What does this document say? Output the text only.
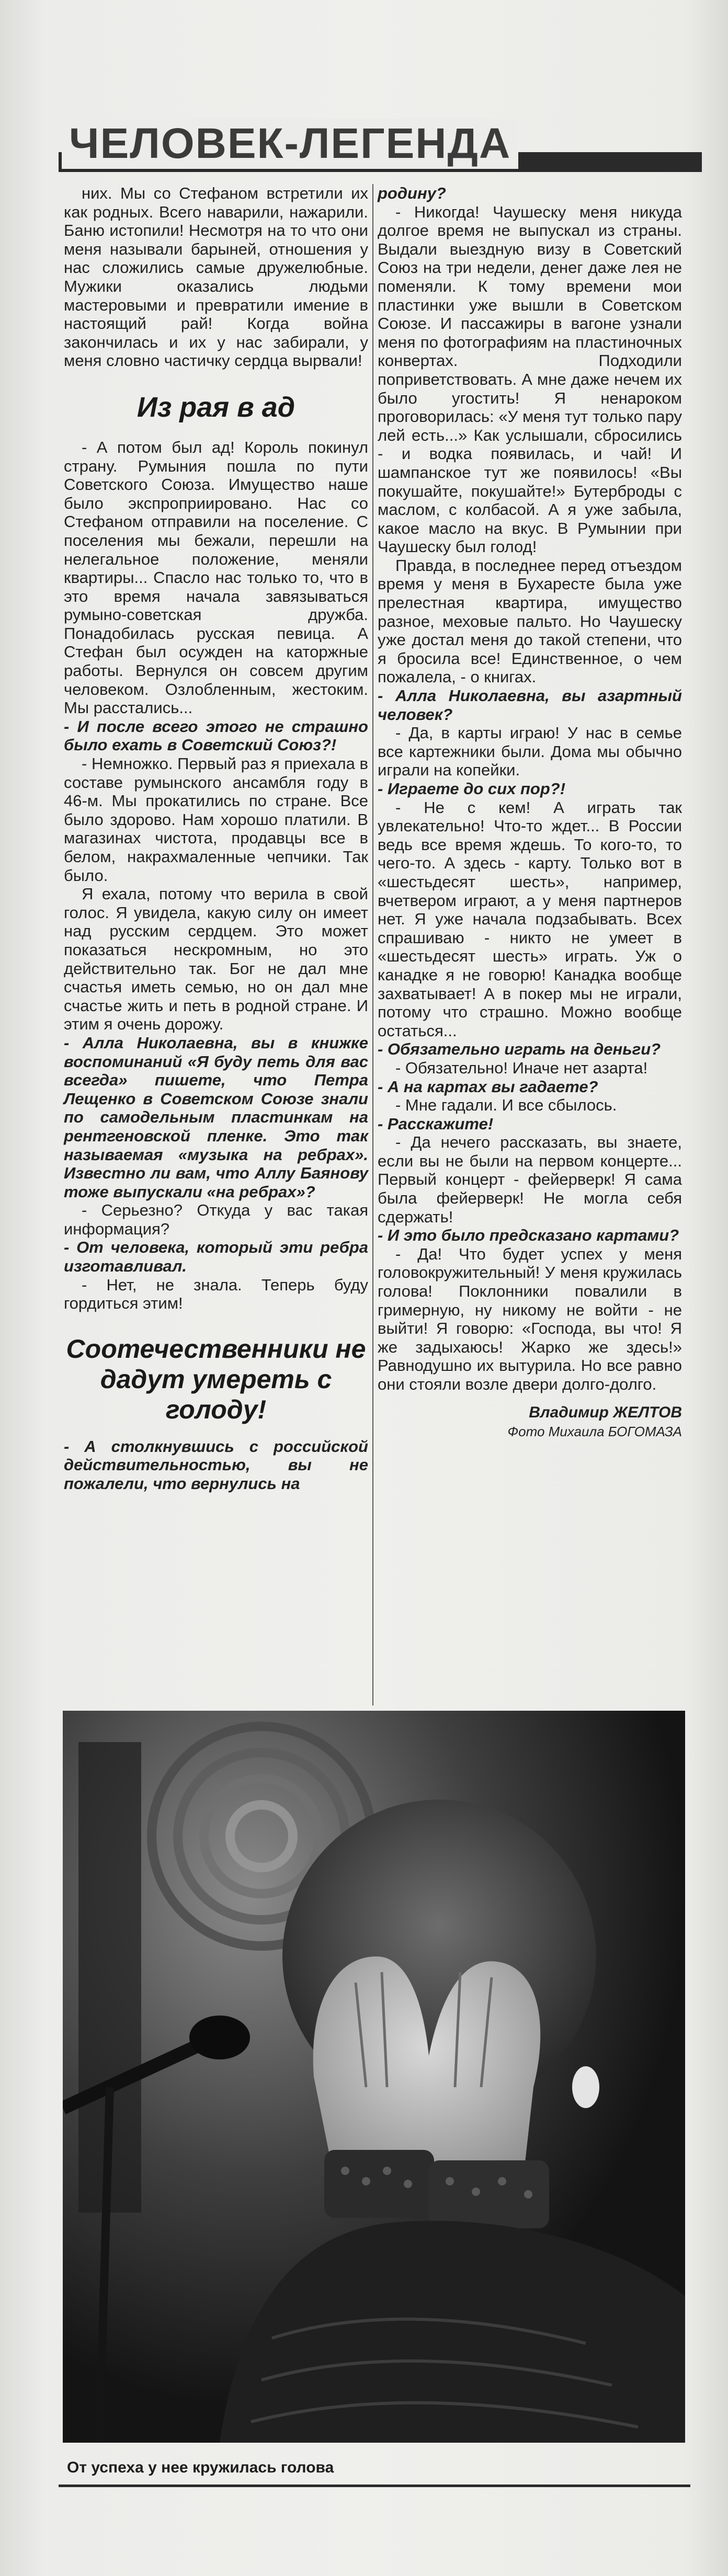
ЧЕЛОВЕК-ЛЕГЕНДА

них. Мы со Стефаном встретили их как родных. Всего наварили, нажарили. Баню истопили! Несмотря на то что они меня называли барыней, отношения у нас сложились самые дружелюбные. Мужики оказались людьми мастеровыми и превратили имение в настоящий рай! Когда война закончилась и их у нас забирали, у меня словно частичку сердца вырвали!

Из рая в ад

- А потом был ад! Король покинул страну. Румыния пошла по пути Советского Союза. Имущество наше было экспроприировано. Нас со Стефаном отправили на поселение. С поселения мы бежали, перешли на нелегальное положение, меняли квартиры... Спасло нас только то, что в это время начала завязываться румыно-советская дружба. Понадобилась русская певица. А Стефан был осужден на каторжные работы. Вернулся он совсем другим человеком. Озлобленным, жестоким. Мы расстались...

- И после всего этого не страшно было ехать в Советский Союз?!

- Немножко. Первый раз я приехала в составе румынского ансамбля году в 46-м. Мы прокатились по стране. Все было здорово. Нам хорошо платили. В магазинах чистота, продавцы все в белом, накрахмаленные чепчики. Так было.

Я ехала, потому что верила в свой голос. Я увидела, какую силу он имеет над русским сердцем. Это может показаться нескромным, но это действительно так. Бог не дал мне счастья иметь семью, но он дал мне счастье жить и петь в родной стране. И этим я очень дорожу.

- Алла Николаевна, вы в книжке воспоминаний «Я буду петь для вас всегда» пишете, что Петра Лещенко в Советском Союзе знали по самодельным пластинкам на рентгеновской пленке. Это так называемая «музыка на ребрах». Известно ли вам, что Аллу Баянову тоже выпускали «на ребрах»?

- Серьезно? Откуда у вас такая информация?

- От человека, который эти ребра изготавливал.

- Нет, не знала. Теперь буду гордиться этим!

Соотечественники не дадут умереть с голоду!

- А столкнувшись с российской действительностью, вы не пожалели, что вернулись на

родину?

- Никогда! Чаушеску меня никуда долгое время не выпускал из страны. Выдали выездную визу в Советский Союз на три недели, денег даже лея не поменяли. К тому времени мои пластинки уже вышли в Советском Союзе. И пассажиры в вагоне узнали меня по фотографиям на пластиночных конвертах. Подходили поприветствовать. А мне даже нечем их было угостить! Я ненароком проговорилась: «У меня тут только пару лей есть...» Как услышали, сбросились - и водка появилась, и чай! И шампанское тут же появилось! «Вы покушайте, покушайте!» Бутерброды с маслом, с колбасой. А я уже забыла, какое масло на вкус. В Румынии при Чаушеску был голод!

Правда, в последнее перед отъездом время у меня в Бухаресте была уже прелестная квартира, имущество разное, меховые пальто. Но Чаушеску уже достал меня до такой степени, что я бросила все! Единственное, о чем пожалела, - о книгах.

- Алла Николаевна, вы азартный человек?

- Да, в карты играю! У нас в семье все картежники были. Дома мы обычно играли на копейки.

- Играете до сих пор?!

- Не с кем! А играть так увлекательно! Что-то ждет... В России ведь все время ждешь. То кого-то, то чего-то. А здесь - карту. Только вот в «шестьдесят шесть», например, вчетвером играют, а у меня партнеров нет. Я уже начала подзабывать. Всех спрашиваю - никто не умеет в «шестьдесят шесть» играть. Уж о канадке я не говорю! Канадка вообще захватывает! А в покер мы не играли, потому что страшно. Можно вообще остаться...

- Обязательно играть на деньги?

- Обязательно! Иначе нет азарта!

- А на картах вы гадаете?

- Мне гадали. И все сбылось.

- Расскажите!

- Да нечего рассказать, вы знаете, если вы не были на первом концерте... Первый концерт - фейерверк! Я сама была фейерверк! Не могла себя сдержать!

- И это было предсказано картами?

- Да! Что будет успех у меня головокружительный! У меня кружилась голова! Поклонники повалили в гримерную, ну никому не войти - не выйти! Я говорю: «Господа, вы что! Я же задыхаюсь! Жарко же здесь!» Равнодушно их вытурила. Но все равно они стояли возле двери долго-долго.

Владимир ЖЕЛТОВ
Фото Михаила БОГОМАЗА
От успеха у нее кружилась голова
